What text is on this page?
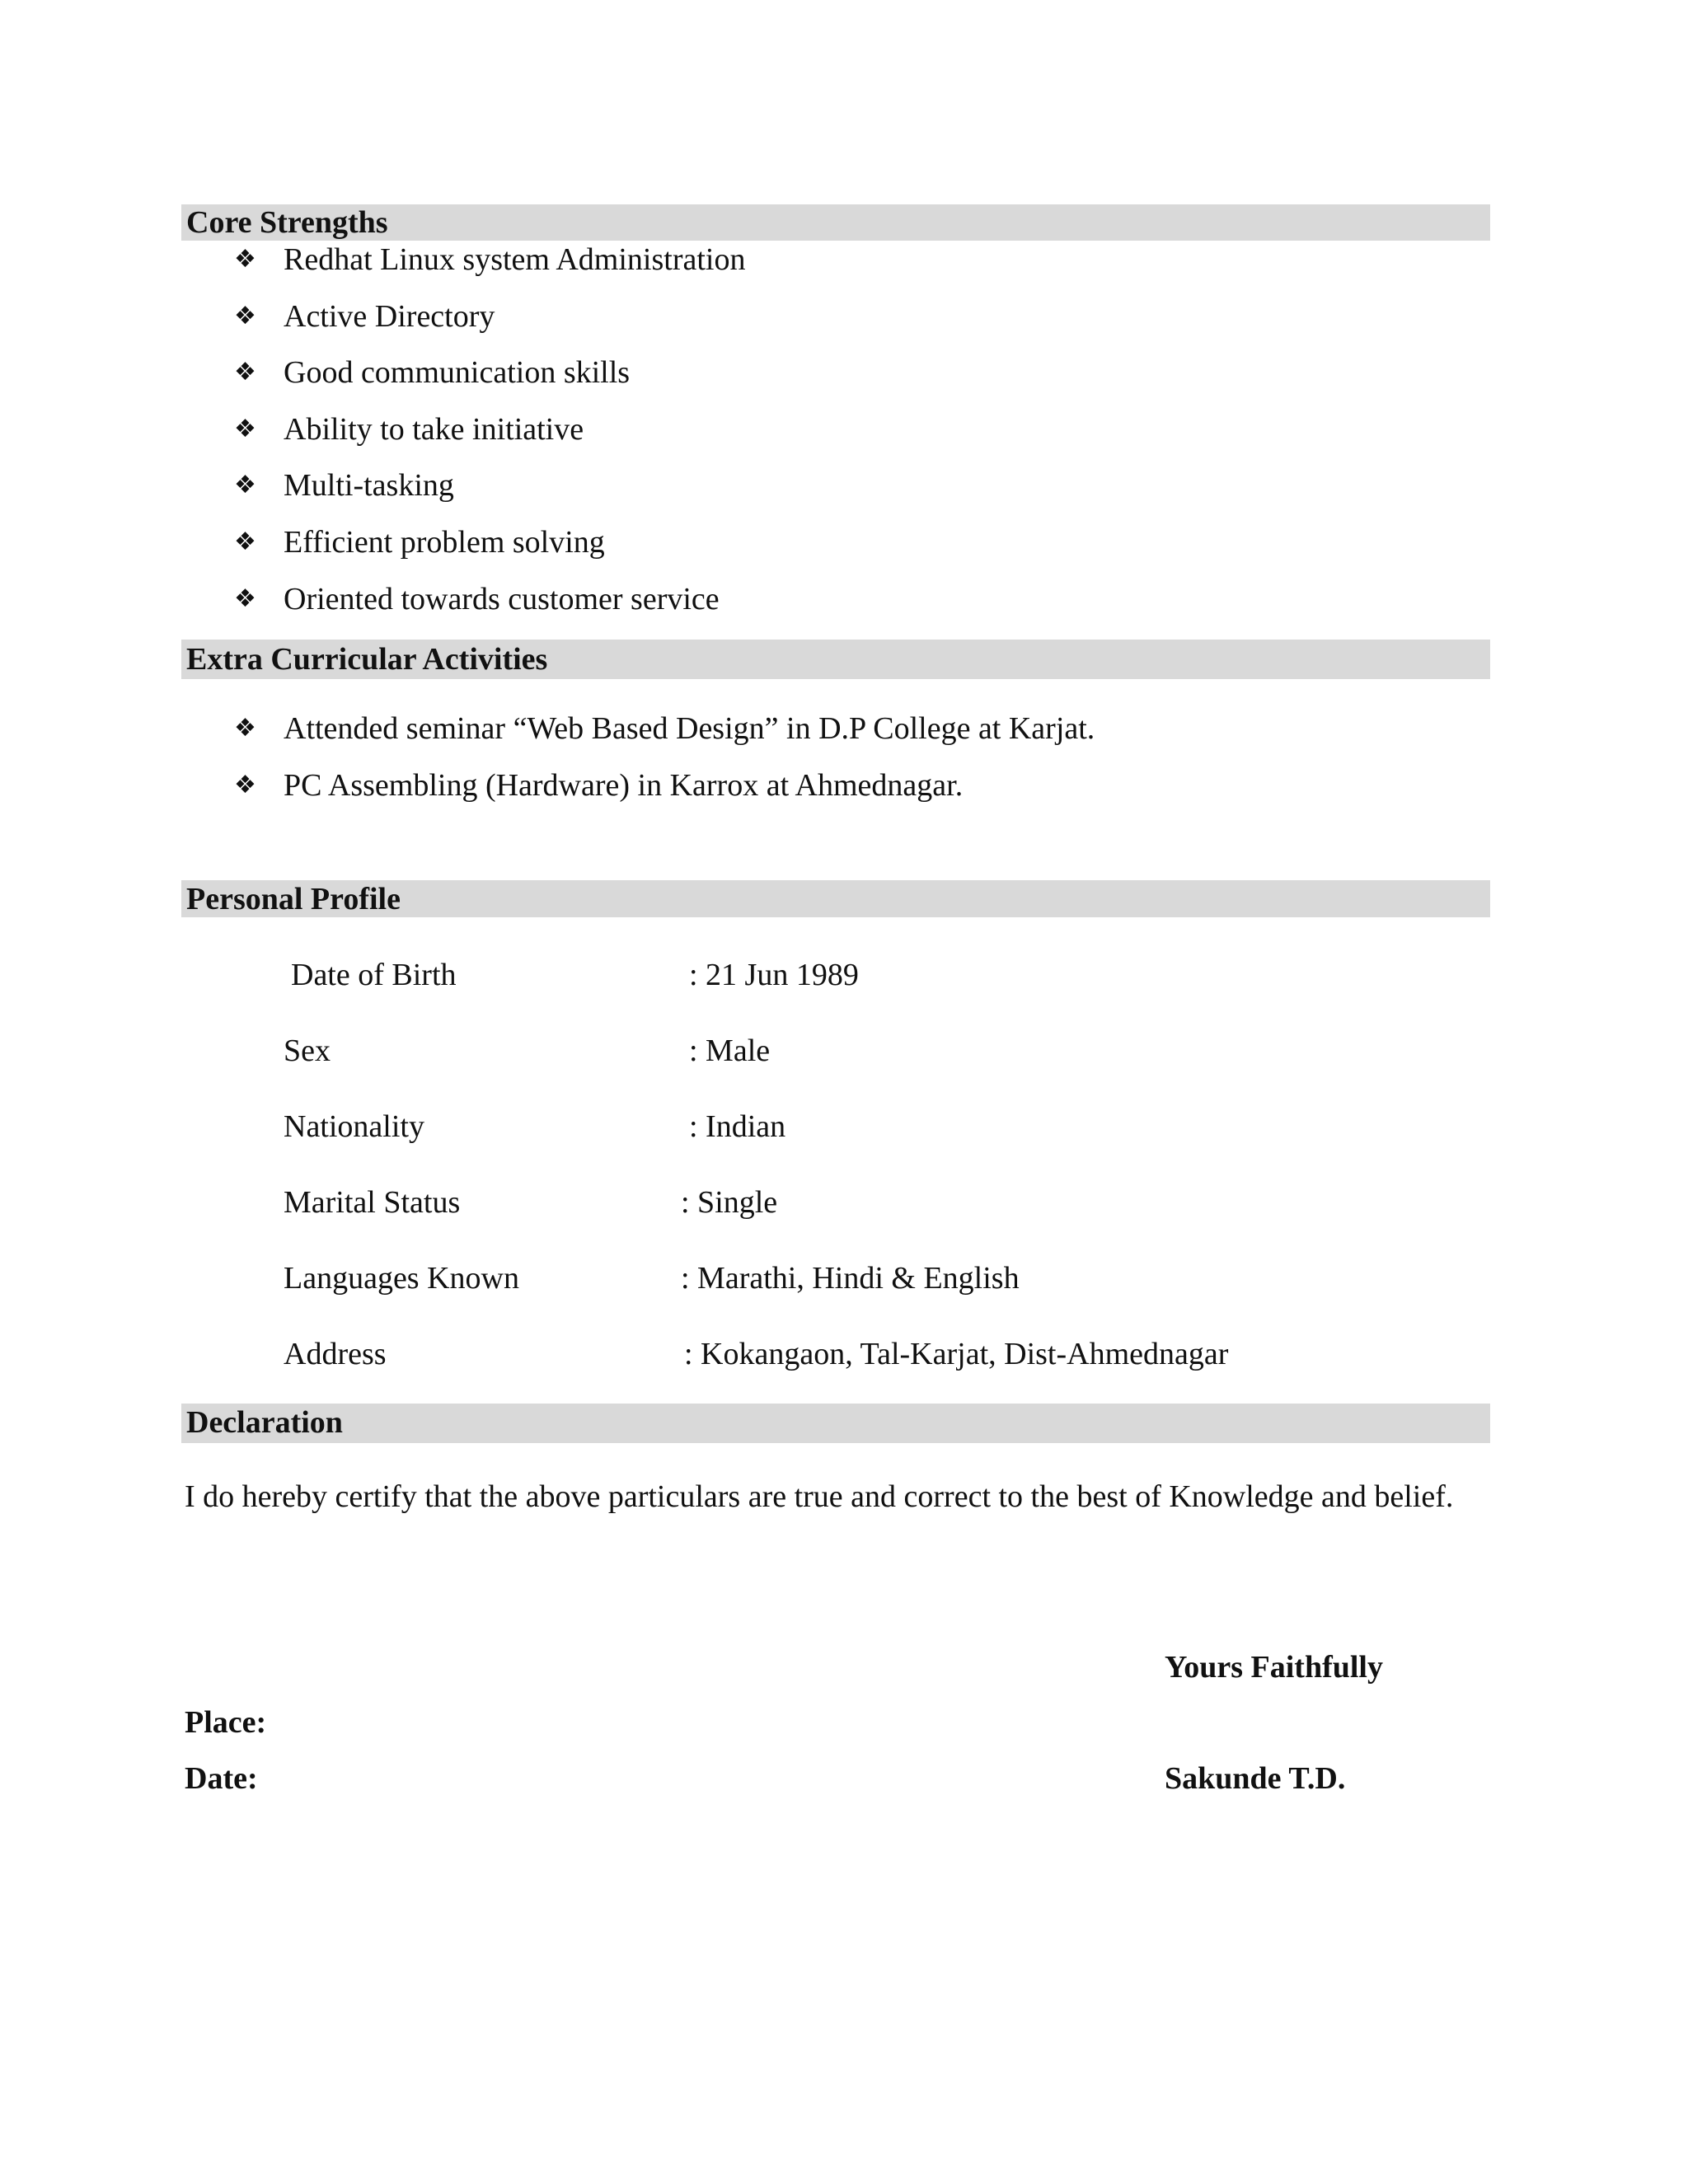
Core Strengths
❖ Redhat Linux system Administration
❖ Active Directory
❖ Good communication skills
❖ Ability to take initiative
❖ Multi-tasking
❖ Efficient problem solving
❖ Oriented towards customer service
Extra Curricular Activities
❖ Attended seminar “Web Based Design” in D.P College at Karjat.
❖ PC Assembling (Hardware) in Karrox at Ahmednagar.
Personal Profile
Date of Birth	: 21 Jun 1989
Sex	: Male
Nationality	: Indian
Marital Status	: Single
Languages Known	: Marathi, Hindi & English
Address	: Kokangaon, Tal-Karjat, Dist-Ahmednagar
Declaration
I do hereby certify that the above particulars are true and correct to the best of Knowledge and belief.
Yours Faithfully
Place:
Date:	Sakunde T.D.
